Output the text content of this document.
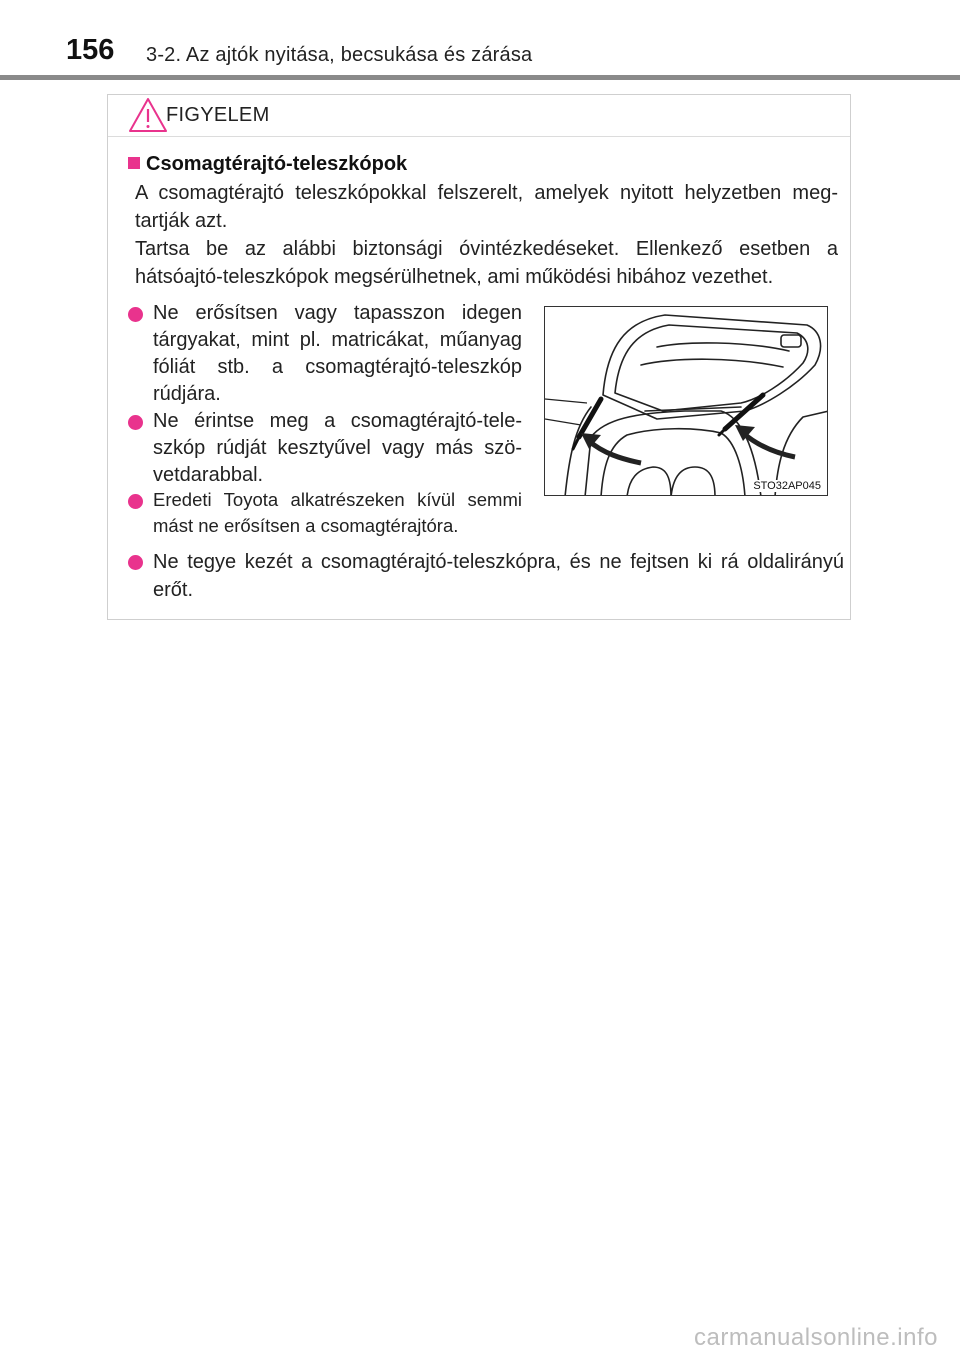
156 3-2. Az ajtók nyitása, becsukása és zárása
FIGYELEM
Csomagtérajtó-teleszkópok
A csomagtérajtó teleszkópokkal felszerelt, amelyek nyitott helyzetben meg-tartják azt.
Tartsa be az alábbi biztonsági óvintézkedéseket. Ellenkező esetben a hátsóajtó-teleszkópok megsérülhetnek, ami működési hibához vezethet.
Ne erősítsen vagy tapasszon idegen tárgyakat, mint pl. matricákat, műanyag fóliát stb. a csomagtérajtó-teleszkóp rúdjára.
Ne érintse meg a csomagtérajtó-tele-szkóp rúdját kesztyűvel vagy más szö-vetdarabbal.
Eredeti Toyota alkatrészeken kívül semmi mást ne erősítsen a csomagtérajtóra.
Ne tegye kezét a csomagtérajtó-teleszkópra, és ne fejtsen ki rá oldalirányú erőt.
STO32AP045
carmanualsonline.info
